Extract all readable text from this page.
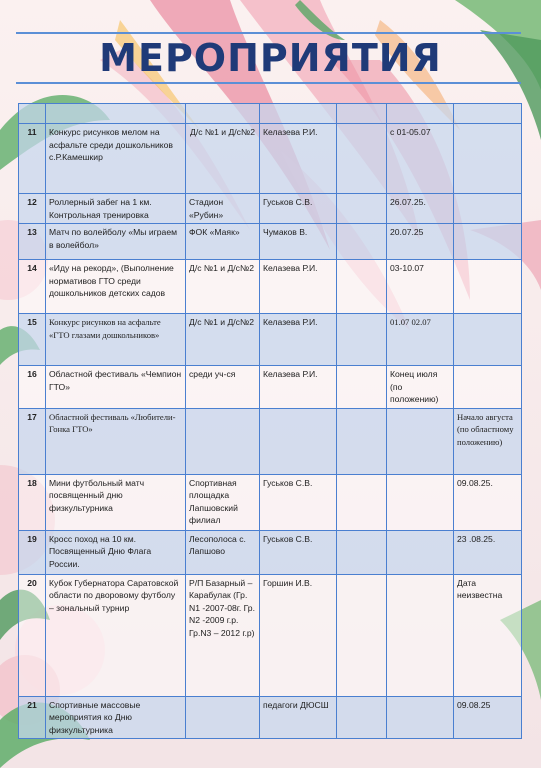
МЕРОПРИЯТИЯ

11	Конкурс рисунков мелом на асфальте среди дошкольников с.Р.Камешкир	Д/с №1 и Д/с№2	Келазева Р.И.		с 01-05.07	
12	Роллерный забег на 1 км. Контрольная тренировка	Стадион «Рубин»	Гуськов С.В.		26.07.25.	
13	Матч по волейболу «Мы играем в волейбол»	ФОК «Маяк»	Чумаков В.		20.07.25	
14	«Иду на рекорд», (Выполнение нормативов ГТО среди дошкольников детских садов	Д/с №1 и Д/с№2	Келазева Р.И.		03-10.07	
15	Конкурс рисунков на асфальте «ГТО глазами дошкольников»	Д/с №1 и Д/с№2	Келазева Р.И.		01.07 02.07	
16	Областной фестиваль «Чемпион ГТО»	среди уч-ся	Келазева Р.И.		Конец июля (по положению)	
17	Областной фестиваль «Любители-Гонка ГТО»					Начало августа (по областному положению)
18	Мини футбольный матч посвященный дню физкультурника	Спортивная площадка Лапшовский филиал	Гуськов С.В.			09.08.25.
19	Кросс поход на 10 км. Посвященный Дню Флага России.	Лесополоса с. Лапшово	Гуськов С.В.			23 .08.25.
20	Кубок Губернатора Саратовской области по дворовому футболу – зональный турнир	Р/П Базарный – Карабулак (Гр. N1 -2007-08г. Гр. N2 -2009 г.р. Гр.N3 – 2012 г.р)	Горшин И.В.			Дата неизвестна
21	Спортивные массовые мероприятия ко Дню физкультурника		педагоги ДЮСШ			09.08.25
